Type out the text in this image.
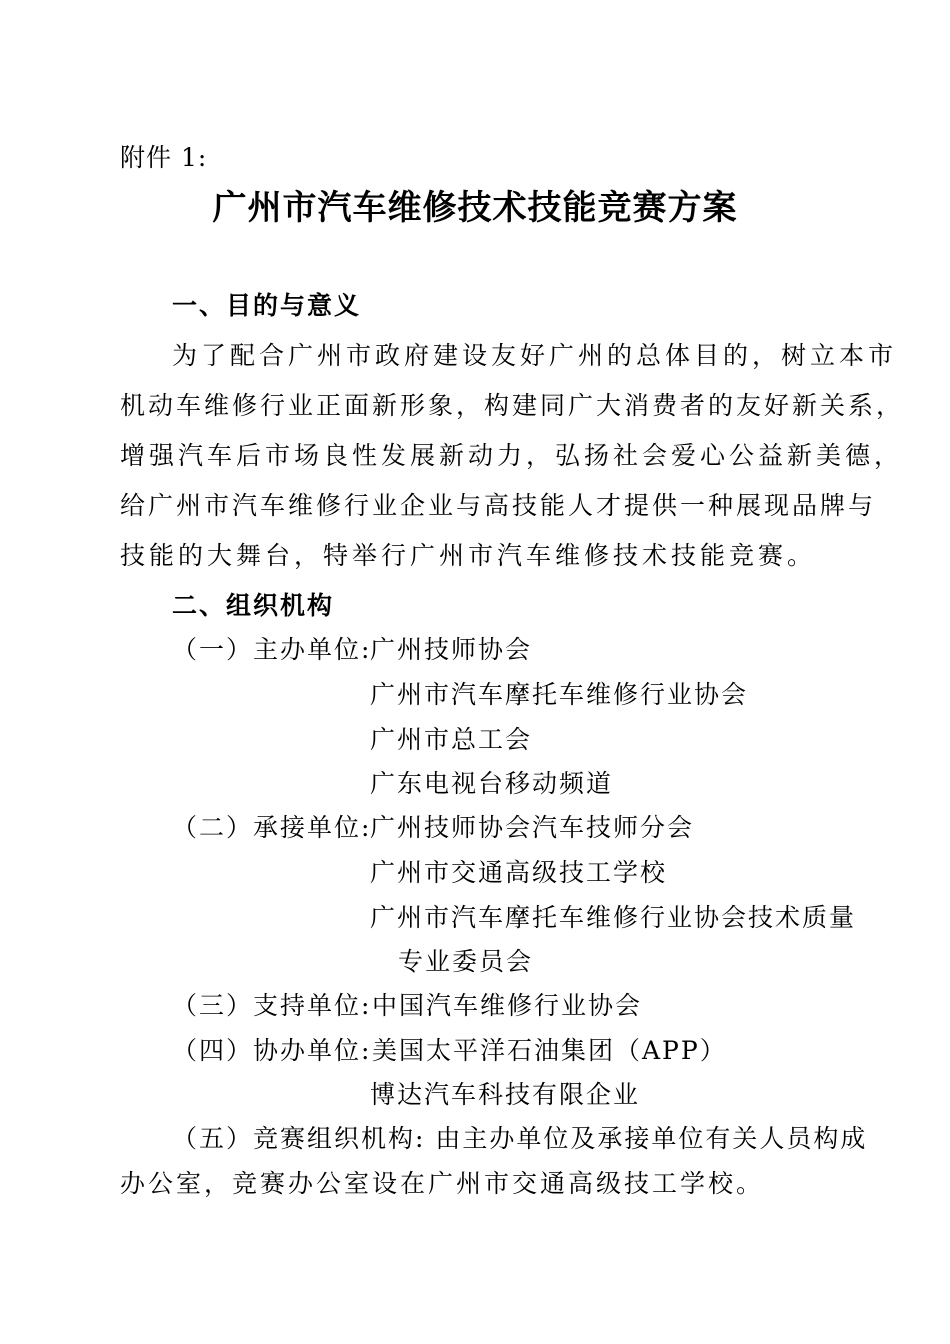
附件 1:
广州市汽车维修技术技能竞赛方案
一、目的与意义
为了配合广州市政府建设友好广州的总体目的，树立本市
机动车维修行业正面新形象，构建同广大消费者的友好新关系，
增强汽车后市场良性发展新动力，弘扬社会爱心公益新美德，
给广州市汽车维修行业企业与高技能人才提供一种展现品牌与
技能的大舞台，特举行广州市汽车维修技术技能竞赛。
二、组织机构
（一）主办单位:
广州技师协会
广州市汽车摩托车维修行业协会
广州市总工会
广东电视台移动频道
（二）承接单位:
广州技师协会汽车技师分会
广州市交通高级技工学校
广州市汽车摩托车维修行业协会技术质量
专业委员会
（三）支持单位: 中国汽车维修行业协会
（四）协办单位: 美国太平洋石油集团（APP）
博达汽车科技有限企业
（五）竞赛组织机构: 由主办单位及承接单位有关人员构成
办公室，竞赛办公室设在广州市交通高级技工学校。
